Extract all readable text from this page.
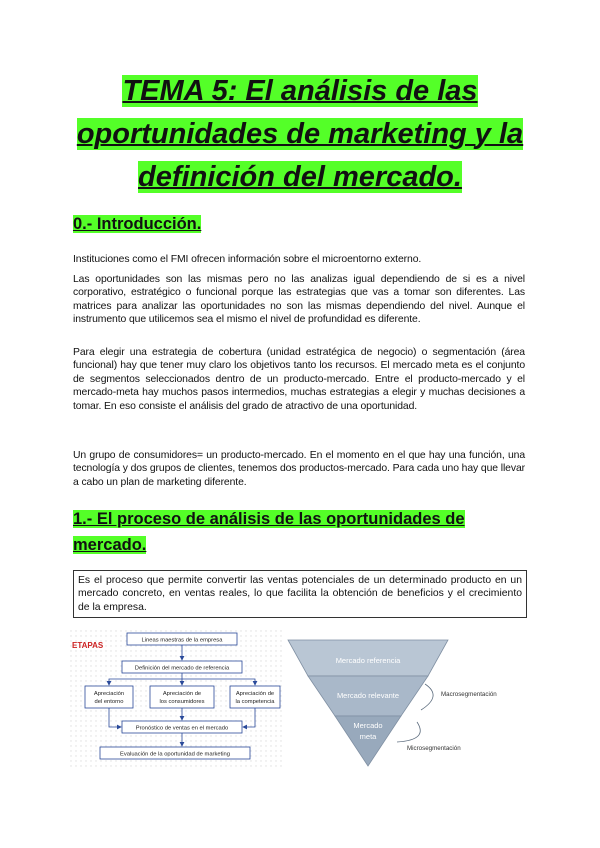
TEMA 5: El análisis de las oportunidades de marketing y la definición del mercado.
0.- Introducción.

Instituciones como el FMI ofrecen información sobre el microentorno externo.

Las oportunidades son las mismas pero no las analizas igual dependiendo de si es a nivel corporativo, estratégico o funcional porque las estrategias que vas a tomar son diferentes. Las matrices para analizar las oportunidades no son las mismas dependiendo del nivel. Aunque el instrumento que utilicemos sea el mismo el nivel de profundidad es diferente.

Para elegir una estrategia de cobertura (unidad estratégica de negocio) o segmentación (área funcional) hay que tener muy claro los objetivos tanto los recursos. El mercado meta es el conjunto de segmentos seleccionados dentro de un producto-mercado. Entre el producto-mercado y el mercado-meta hay muchos pasos intermedios, muchas estrategias a elegir y muchas decisiones a tomar. En eso consiste el análisis del grado de atractivo de una oportunidad.

Un grupo de consumidores= un producto-mercado. En el momento en el que hay una función, una tecnología y dos grupos de clientes, tenemos dos productos-mercado. Para cada uno hay que llevar a cabo un plan de marketing diferente.

1.- El proceso de análisis de las oportunidades de mercado.

Es el proceso que permite convertir las ventas potenciales de un determinado producto en un mercado concreto, en ventas reales, lo que facilita la obtención de beneficios y el crecimiento de la empresa.

ETAPAS
Lineas maestras de la empresa
Definición del mercado de referencia
Apreciación
del entorno
Apreciación de
los consumidores
Apreciación de
la competencia
Pronóstico de ventas en el mercado
Evaluación de la oportunidad de marketing
Mercado referencia
Mercado relevante
Mercado
meta
Macrosegmentación
Microsegmentación
